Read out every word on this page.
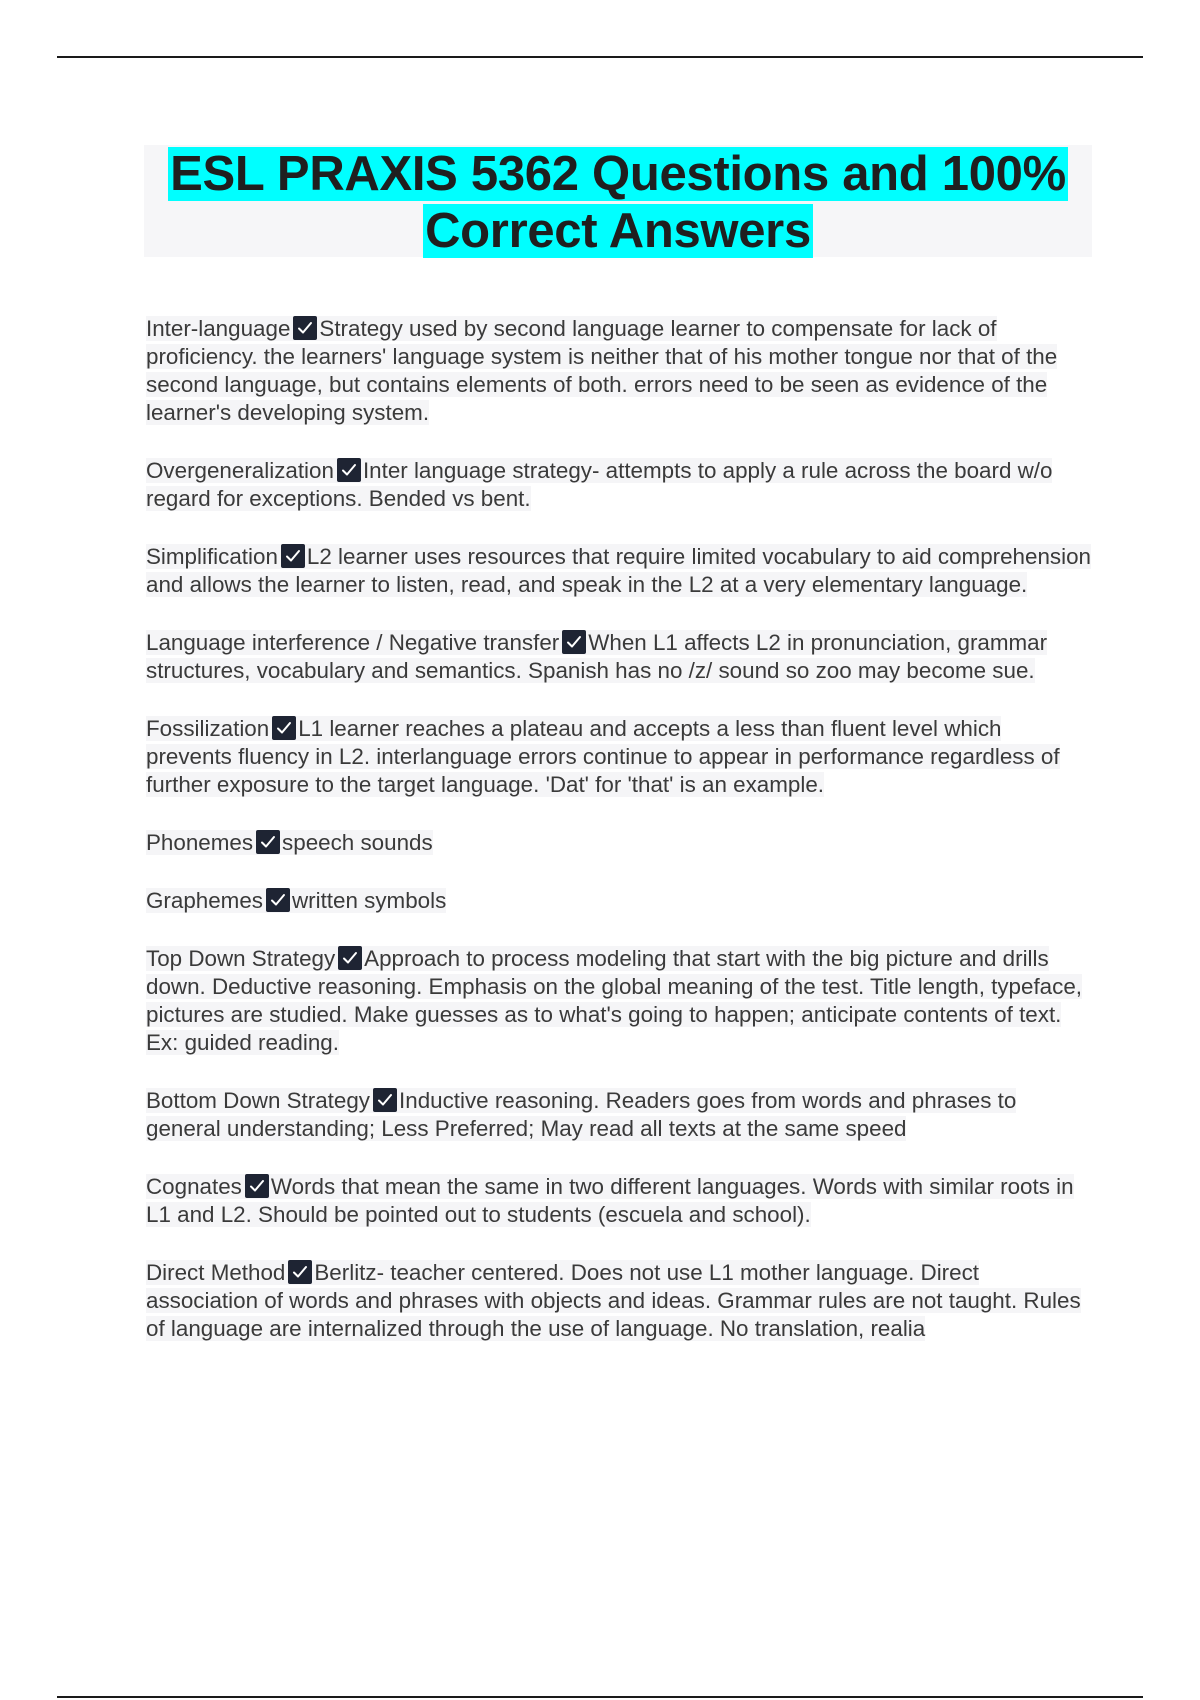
ESL PRAXIS 5362 Questions and 100%
Correct Answers

Inter-language Strategy used by second language learner to compensate for lack of proficiency. the learners' language system is neither that of his mother tongue nor that of the second language, but contains elements of both. errors need to be seen as evidence of the learner's developing system.

Overgeneralization Inter language strategy- attempts to apply a rule across the board w/o regard for exceptions. Bended vs bent.

Simplification L2 learner uses resources that require limited vocabulary to aid comprehension and allows the learner to listen, read, and speak in the L2 at a very elementary language.

Language interference / Negative transfer When L1 affects L2 in pronunciation, grammar structures, vocabulary and semantics. Spanish has no /z/ sound so zoo may become sue.

Fossilization L1 learner reaches a plateau and accepts a less than fluent level which prevents fluency in L2. interlanguage errors continue to appear in performance regardless of further exposure to the target language. 'Dat' for 'that' is an example.

Phonemes speech sounds

Graphemes written symbols

Top Down Strategy Approach to process modeling that start with the big picture and drills down. Deductive reasoning. Emphasis on the global meaning of the test. Title length, typeface, pictures are studied. Make guesses as to what's going to happen; anticipate contents of text. Ex: guided reading.

Bottom Down Strategy Inductive reasoning. Readers goes from words and phrases to general understanding; Less Preferred; May read all texts at the same speed

Cognates Words that mean the same in two different languages. Words with similar roots in L1 and L2. Should be pointed out to students (escuela and school).

Direct Method Berlitz- teacher centered. Does not use L1 mother language. Direct association of words and phrases with objects and ideas. Grammar rules are not taught. Rules of language are internalized through the use of language. No translation, realia
